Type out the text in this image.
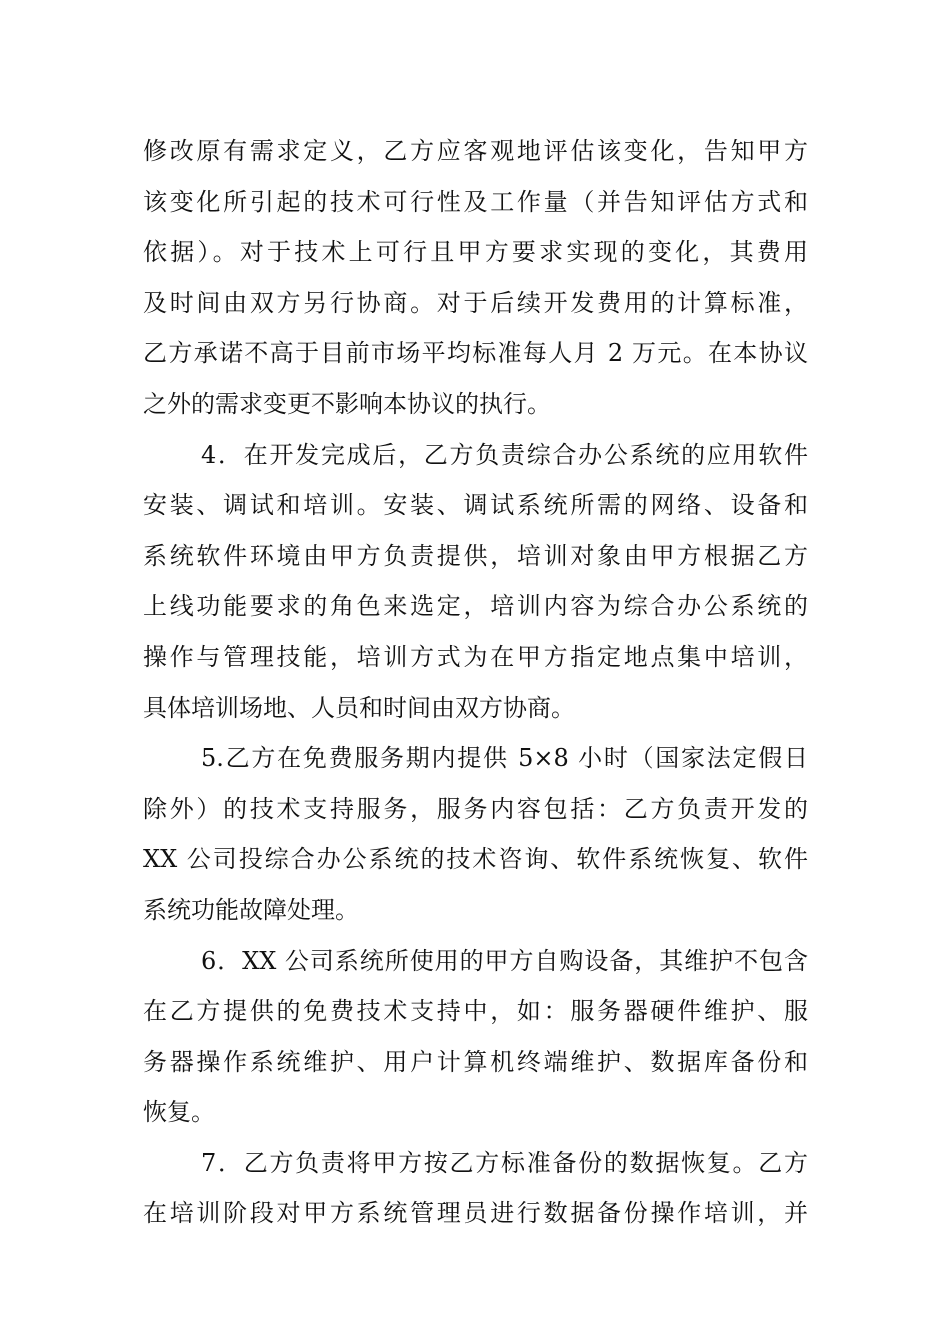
修改原有需求定义，乙方应客观地评估该变化，告知甲方
该变化所引起的技术可行性及工作量（并告知评估方式和
依据）。对于技术上可行且甲方要求实现的变化，其费用
及时间由双方另行协商。对于后续开发费用的计算标准，
乙方承诺不高于目前市场平均标准每人月 2 万元。在本协议
之外的需求变更不影响本协议的执行。
4．在开发完成后，乙方负责综合办公系统的应用软件
安装、调试和培训。安装、调试系统所需的网络、设备和
系统软件环境由甲方负责提供，培训对象由甲方根据乙方
上线功能要求的角色来选定，培训内容为综合办公系统的
操作与管理技能，培训方式为在甲方指定地点集中培训，
具体培训场地、人员和时间由双方协商。
5.乙方在免费服务期内提供 5×8 小时（国家法定假日
除外）的技术支持服务，服务内容包括：乙方负责开发的
XX 公司投综合办公系统的技术咨询、软件系统恢复、软件
系统功能故障处理。
6．XX 公司系统所使用的甲方自购设备，其维护不包含
在乙方提供的免费技术支持中，如：服务器硬件维护、服
务器操作系统维护、用户计算机终端维护、数据库备份和
恢复。
7．乙方负责将甲方按乙方标准备份的数据恢复。乙方
在培训阶段对甲方系统管理员进行数据备份操作培训，并
